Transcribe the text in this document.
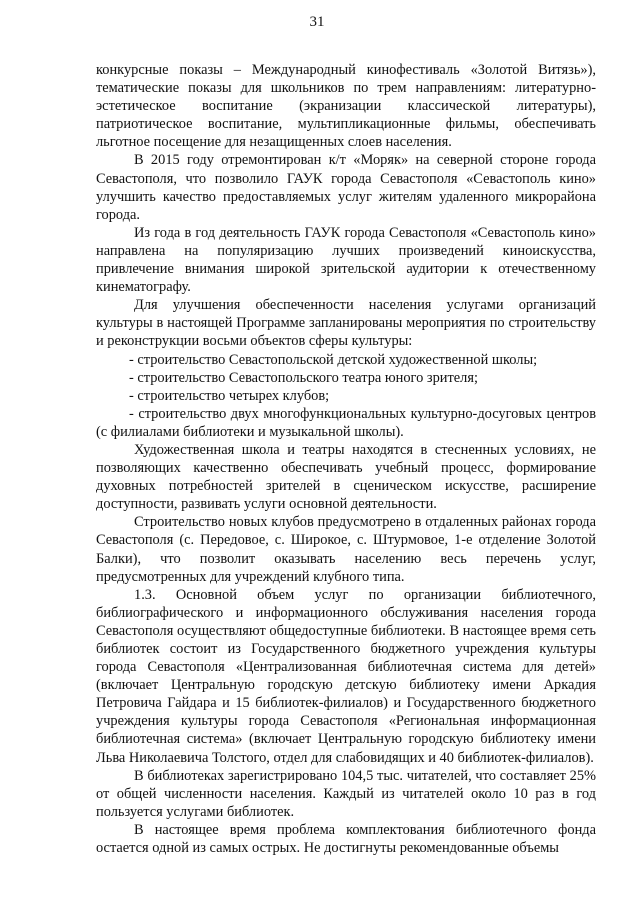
31

конкурсные показы – Международный кинофестиваль «Золотой Витязь»), тематические показы для школьников по трем направлениям: литературно-эстетическое воспитание (экранизации классической литературы), патриотическое воспитание, мультипликационные фильмы, обеспечивать льготное посещение для незащищенных слоев населения.

В 2015 году отремонтирован к/т «Моряк» на северной стороне города Севастополя, что позволило ГАУК города Севастополя «Севастополь кино» улучшить качество предоставляемых услуг жителям удаленного микрорайона города.

Из года в год деятельность ГАУК города Севастополя «Севастополь кино» направлена на популяризацию лучших произведений киноискусства, привлечение внимания широкой зрительской аудитории к отечественному кинематографу.

Для улучшения обеспеченности населения услугами организаций культуры в настоящей Программе запланированы мероприятия по строительству и реконструкции восьми объектов сферы культуры:

- строительство Севастопольской детской художественной школы;

- строительство Севастопольского театра юного зрителя;

- строительство четырех клубов;

- строительство двух многофункциональных культурно-досуговых центров (с филиалами библиотеки и музыкальной школы).

Художественная школа и театры находятся в стесненных условиях, не позволяющих качественно обеспечивать учебный процесс, формирование духовных потребностей зрителей в сценическом искусстве, расширение доступности, развивать услуги основной деятельности.

Строительство новых клубов предусмотрено в отдаленных районах города Севастополя (с. Передовое, с. Широкое, с. Штурмовое, 1-е отделение Золотой Балки), что позволит оказывать населению весь перечень услуг, предусмотренных для учреждений клубного типа.

1.3. Основной объем услуг по организации библиотечного, библиографического и информационного обслуживания населения города Севастополя осуществляют общедоступные библиотеки. В настоящее время сеть библиотек состоит из Государственного бюджетного учреждения культуры города Севастополя «Централизованная библиотечная система для детей» (включает Центральную городскую детскую библиотеку имени Аркадия Петровича Гайдара и 15 библиотек-филиалов) и Государственного бюджетного учреждения культуры города Севастополя «Региональная информационная библиотечная система» (включает Центральную городскую библиотеку имени Льва Николаевича Толстого, отдел для слабовидящих и 40 библиотек-филиалов).

В библиотеках зарегистрировано 104,5 тыс. читателей, что составляет 25% от общей численности населения. Каждый из читателей около 10 раз в год пользуется услугами библиотек.

В настоящее время проблема комплектования библиотечного фонда остается одной из самых острых. Не достигнуты рекомендованные объемы
